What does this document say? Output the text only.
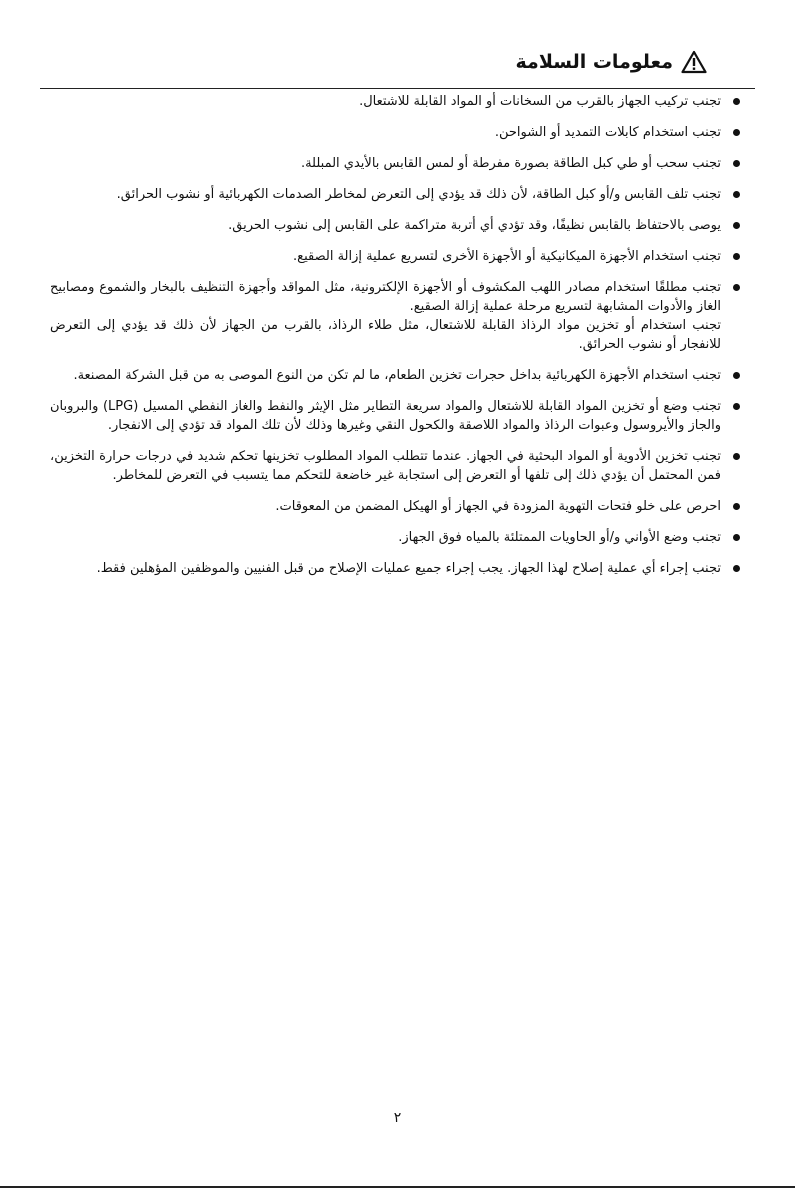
معلومات السلامة

تجنب تركيب الجهاز بالقرب من السخانات أو المواد القابلة للاشتعال.

تجنب استخدام كابلات التمديد أو الشواحن.

تجنب سحب أو طي كبل الطاقة بصورة مفرطة أو لمس القابس بالأيدي المبللة.

تجنب تلف القابس و/أو كبل الطاقة، لأن ذلك قد يؤدي إلى التعرض لمخاطر الصدمات الكهربائية أو نشوب الحرائق.

يوصى بالاحتفاظ بالقابس نظيفًا، وقد تؤدي أي أتربة متراكمة على القابس إلى نشوب الحريق.

تجنب استخدام الأجهزة الميكانيكية أو الأجهزة الأخرى لتسريع عملية إزالة الصقيع.

تجنب مطلقًا استخدام مصادر اللهب المكشوف أو الأجهزة الإلكترونية، مثل المواقد وأجهزة التنظيف بالبخار والشموع ومصابيح الغاز والأدوات المشابهة لتسريع مرحلة عملية إزالة الصقيع.

تجنب استخدام أو تخزين مواد الرذاذ القابلة للاشتعال، مثل طلاء الرذاذ، بالقرب من الجهاز لأن ذلك قد يؤدي إلى التعرض للانفجار أو نشوب الحرائق.

تجنب استخدام الأجهزة الكهربائية بداخل حجرات تخزين الطعام، ما لم تكن من النوع الموصى به من قبل الشركة المصنعة.

تجنب وضع أو تخزين المواد القابلة للاشتعال والمواد سريعة التطاير مثل الإيثر والنفط والغاز النفطي المسيل (LPG) والبروبان والجاز والأيروسول وعبوات الرذاذ والمواد اللاصقة والكحول النقي وغيرها وذلك لأن تلك المواد قد تؤدي إلى الانفجار.

تجنب تخزين الأدوية أو المواد البحثية في الجهاز. عندما تتطلب المواد المطلوب تخزينها تحكم شديد في درجات حرارة التخزين، فمن المحتمل أن يؤدي ذلك إلى تلفها أو التعرض إلى استجابة غير خاضعة للتحكم مما يتسبب في التعرض للمخاطر.

احرص على خلو فتحات التهوية المزودة في الجهاز أو الهيكل المضمن من المعوقات.

تجنب وضع الأواني و/أو الحاويات الممتلئة بالمياه فوق الجهاز.

تجنب إجراء أي عملية إصلاح لهذا الجهاز. يجب إجراء جميع عمليات الإصلاح من قبل الفنيين والموظفين المؤهلين فقط.

٢
